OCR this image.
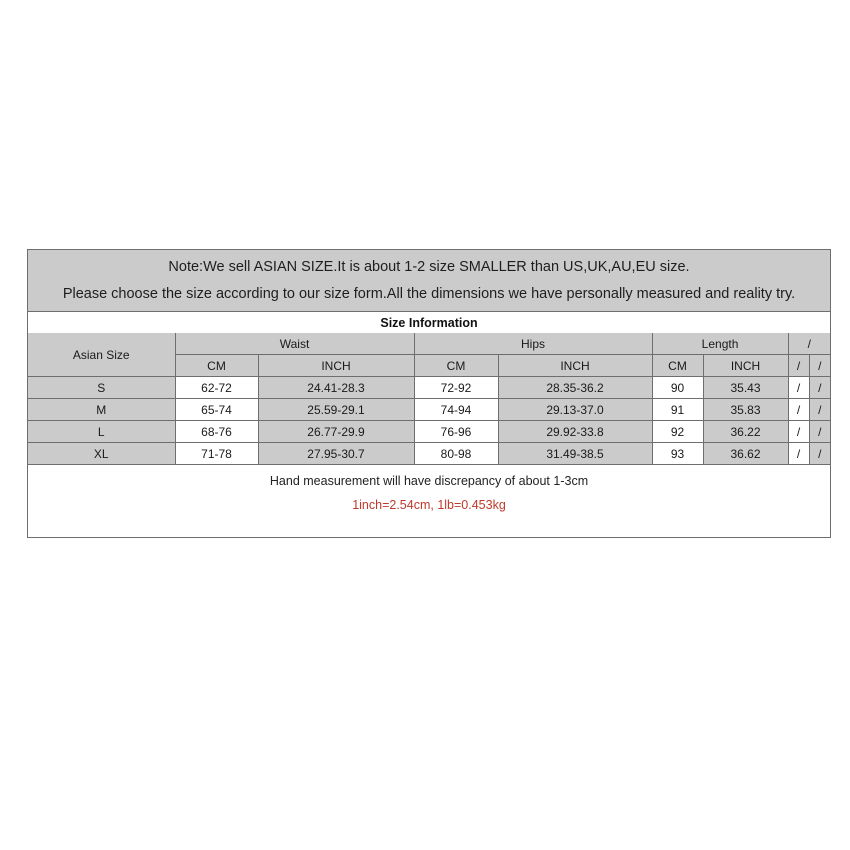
Note:We sell ASIAN SIZE.It is about 1-2 size SMALLER than US,UK,AU,EU size.
Please choose the size according to our size form.All the dimensions we have personally measured and reality try.
Size Information
Asian Size	Waist		Hips		Length		/	
	CM	INCH	CM	INCH	CM	INCH	/	/
S	62-72	24.41-28.3	72-92	28.35-36.2	90	35.43	/	/
M	65-74	25.59-29.1	74-94	29.13-37.0	91	35.83	/	/
L	68-76	26.77-29.9	76-96	29.92-33.8	92	36.22	/	/
XL	71-78	27.95-30.7	80-98	31.49-38.5	93	36.62	/	/
Hand measurement will have discrepancy of about 1-3cm
1inch=2.54cm, 1lb=0.453kg
